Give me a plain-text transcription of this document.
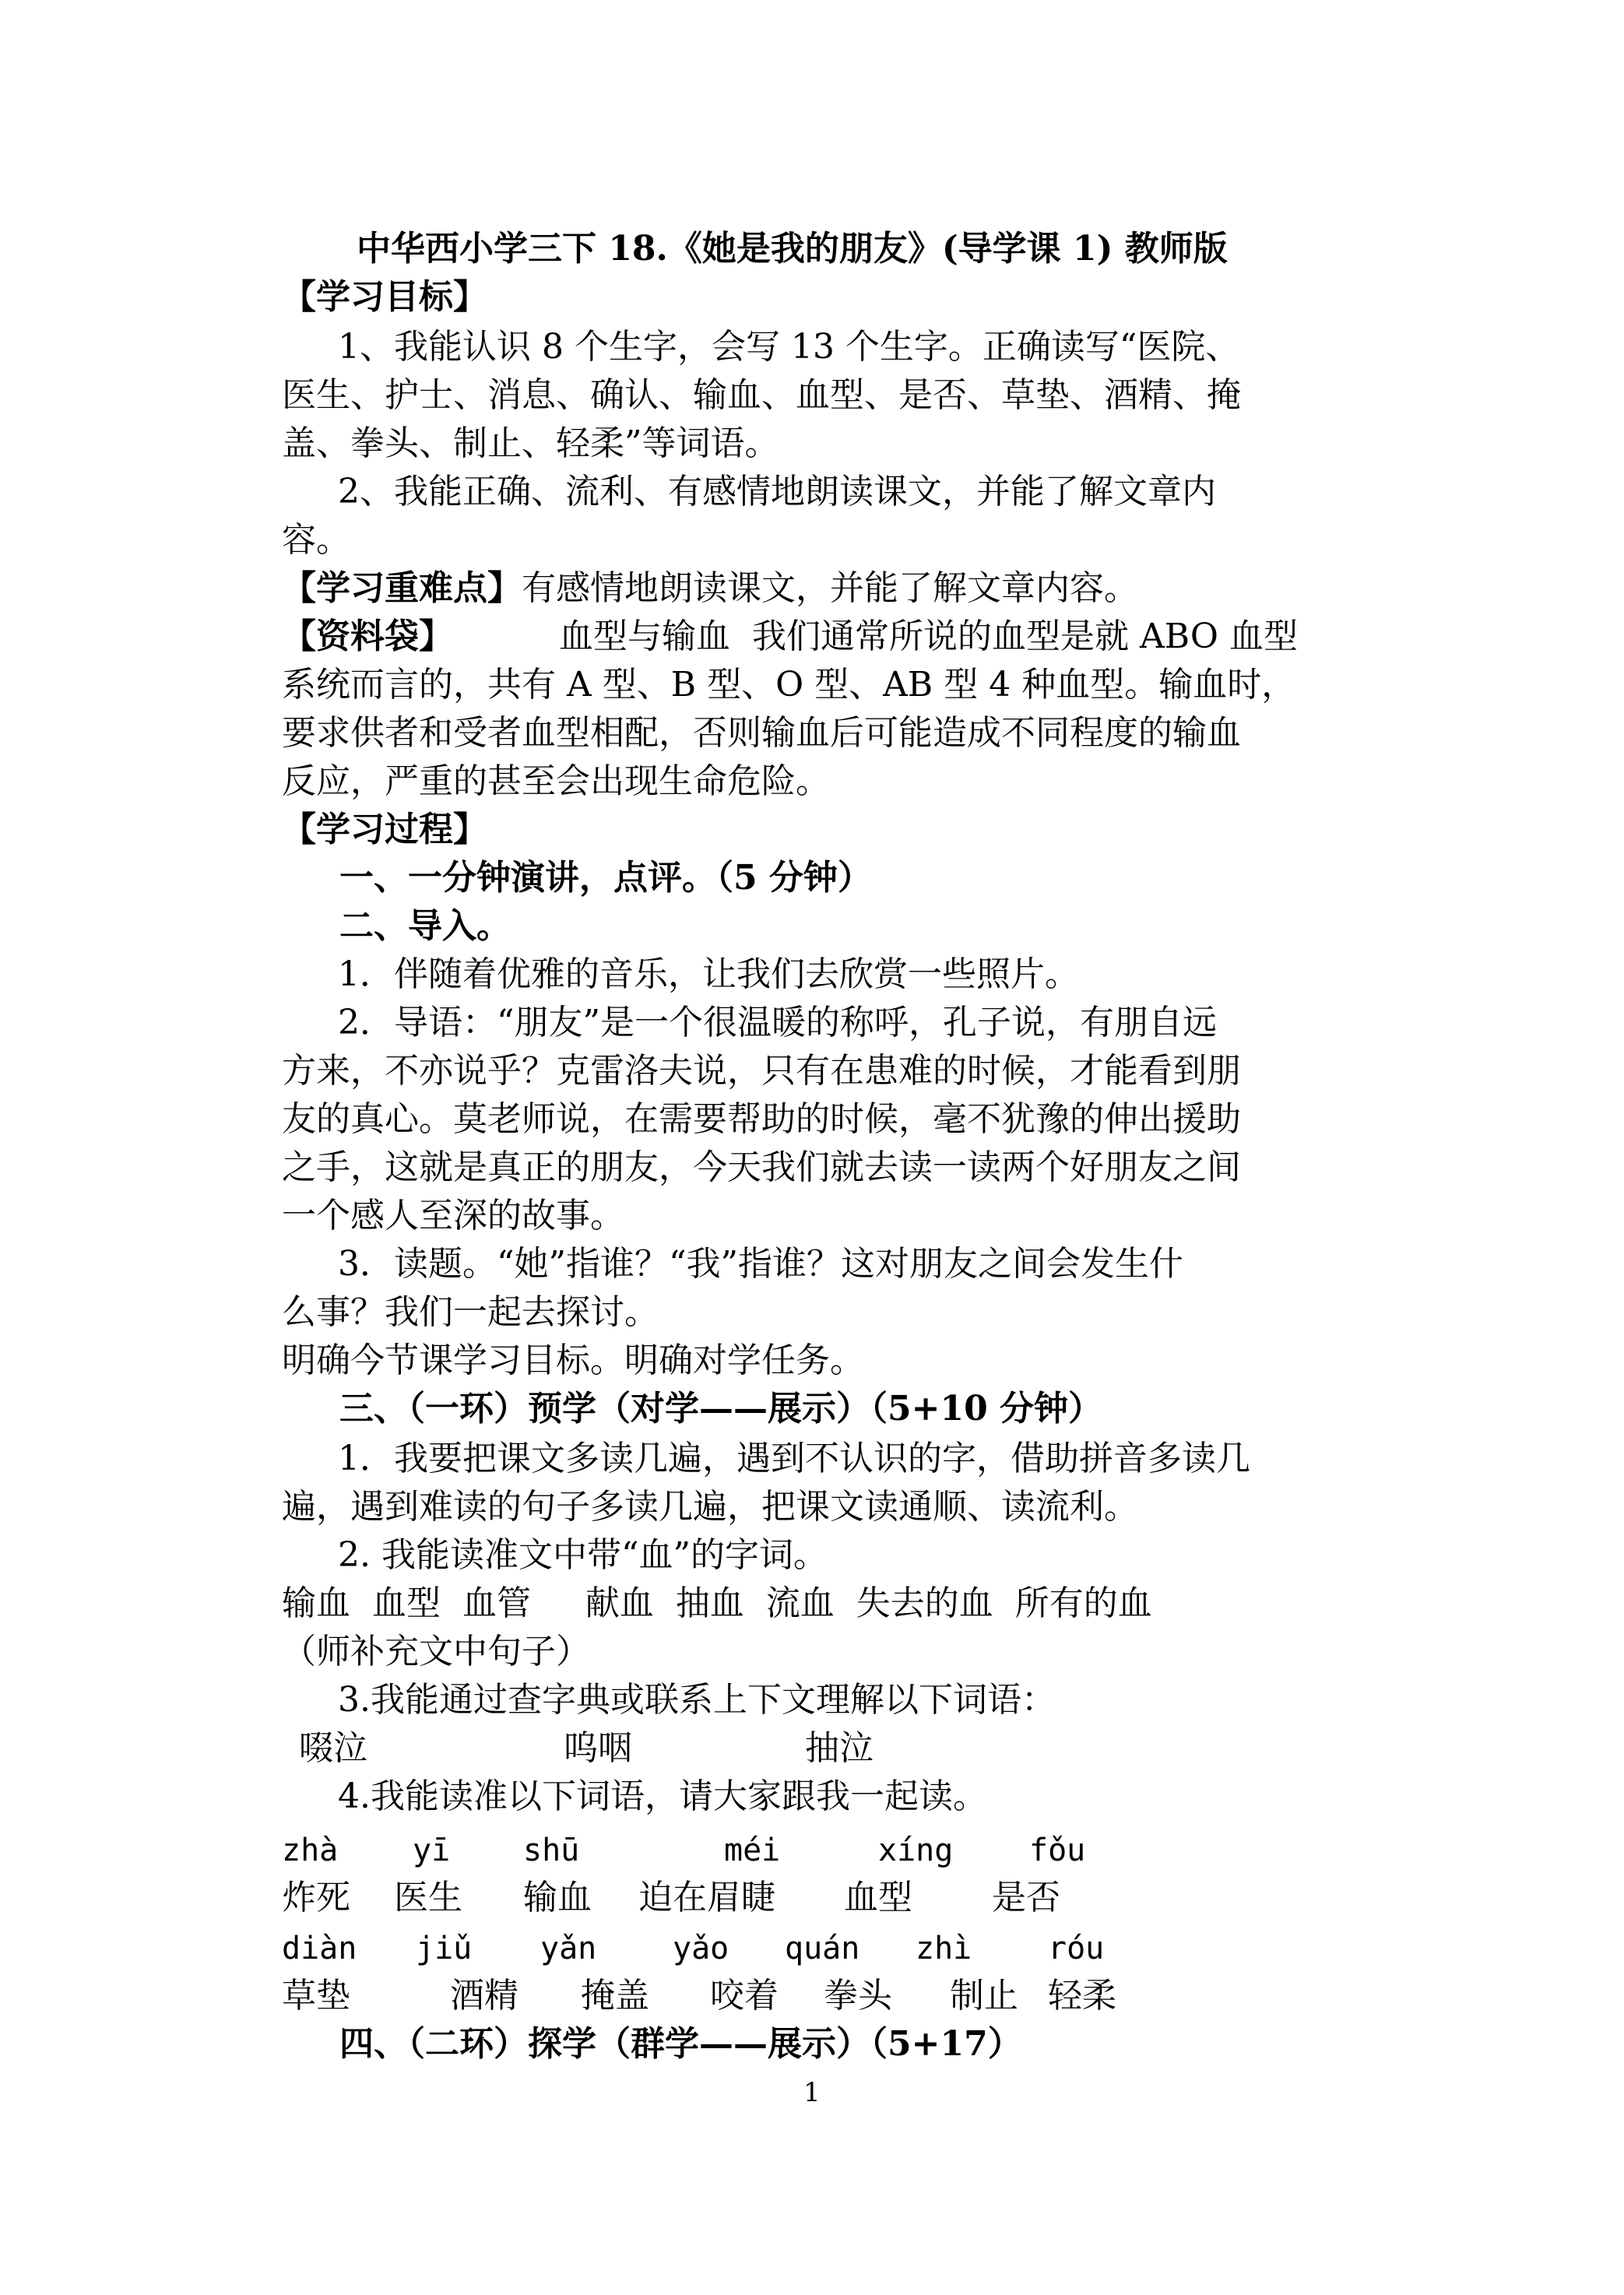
中华西小学三下 18.《她是我的朋友》(导学课 1) 教师版
【学习目标】
1、我能认识 8 个生字，会写 13 个生字。正确读写“医院、
医生、护士、消息、确认、输血、血型、是否、草垫、酒精、掩
盖、拳头、制止、轻柔”等词语。
2、我能正确、流利、有感情地朗读课文，并能了解文章内
容。
【学习重难点】有感情地朗读课文，并能了解文章内容。
【资料袋】	血型与输血  我们通常所说的血型是就 ABO 血型
系统而言的，共有 A 型、B 型、O 型、AB 型 4 种血型。输血时，
要求供者和受者血型相配，否则输血后可能造成不同程度的输血
反应，严重的甚至会出现生命危险。
【学习过程】
一、一分钟演讲，点评。（5 分钟）
二、导入。
1．伴随着优雅的音乐，让我们去欣赏一些照片。
2．导语：“朋友”是一个很温暖的称呼，孔子说，有朋自远
方来，不亦说乎？克雷洛夫说，只有在患难的时候，才能看到朋
友的真心。莫老师说，在需要帮助的时候，毫不犹豫的伸出援助
之手，这就是真正的朋友，今天我们就去读一读两个好朋友之间
一个感人至深的故事。
3．读题。“她”指谁？“我”指谁？这对朋友之间会发生什
么事？我们一起去探讨。
明确今节课学习目标。明确对学任务。
三、（一环）预学（对学——展示）（5+10 分钟）
1．我要把课文多读几遍，遇到不认识的字，借助拼音多读几
遍，遇到难读的句子多读几遍，把课文读通顺、读流利。
2. 我能读准文中带“血”的字词。
输血  血型  血管     献血  抽血  流血  失去的血  所有的血
（师补充文中句子）
3.我能通过查字典或联系上下文理解以下词语：
啜泣	呜咽	抽泣
4.我能读准以下词语，请大家跟我一起读。
zhà yī shū	méi	xíng fǒu
炸死 医生 输血 迫在眉睫 血型 是否
diàn jiǔ yǎn yǎo quán zhì róu
草垫	酒精 掩盖 咬着 拳头 制止 轻柔
四、（二环）探学（群学——展示）（5+17）
1
